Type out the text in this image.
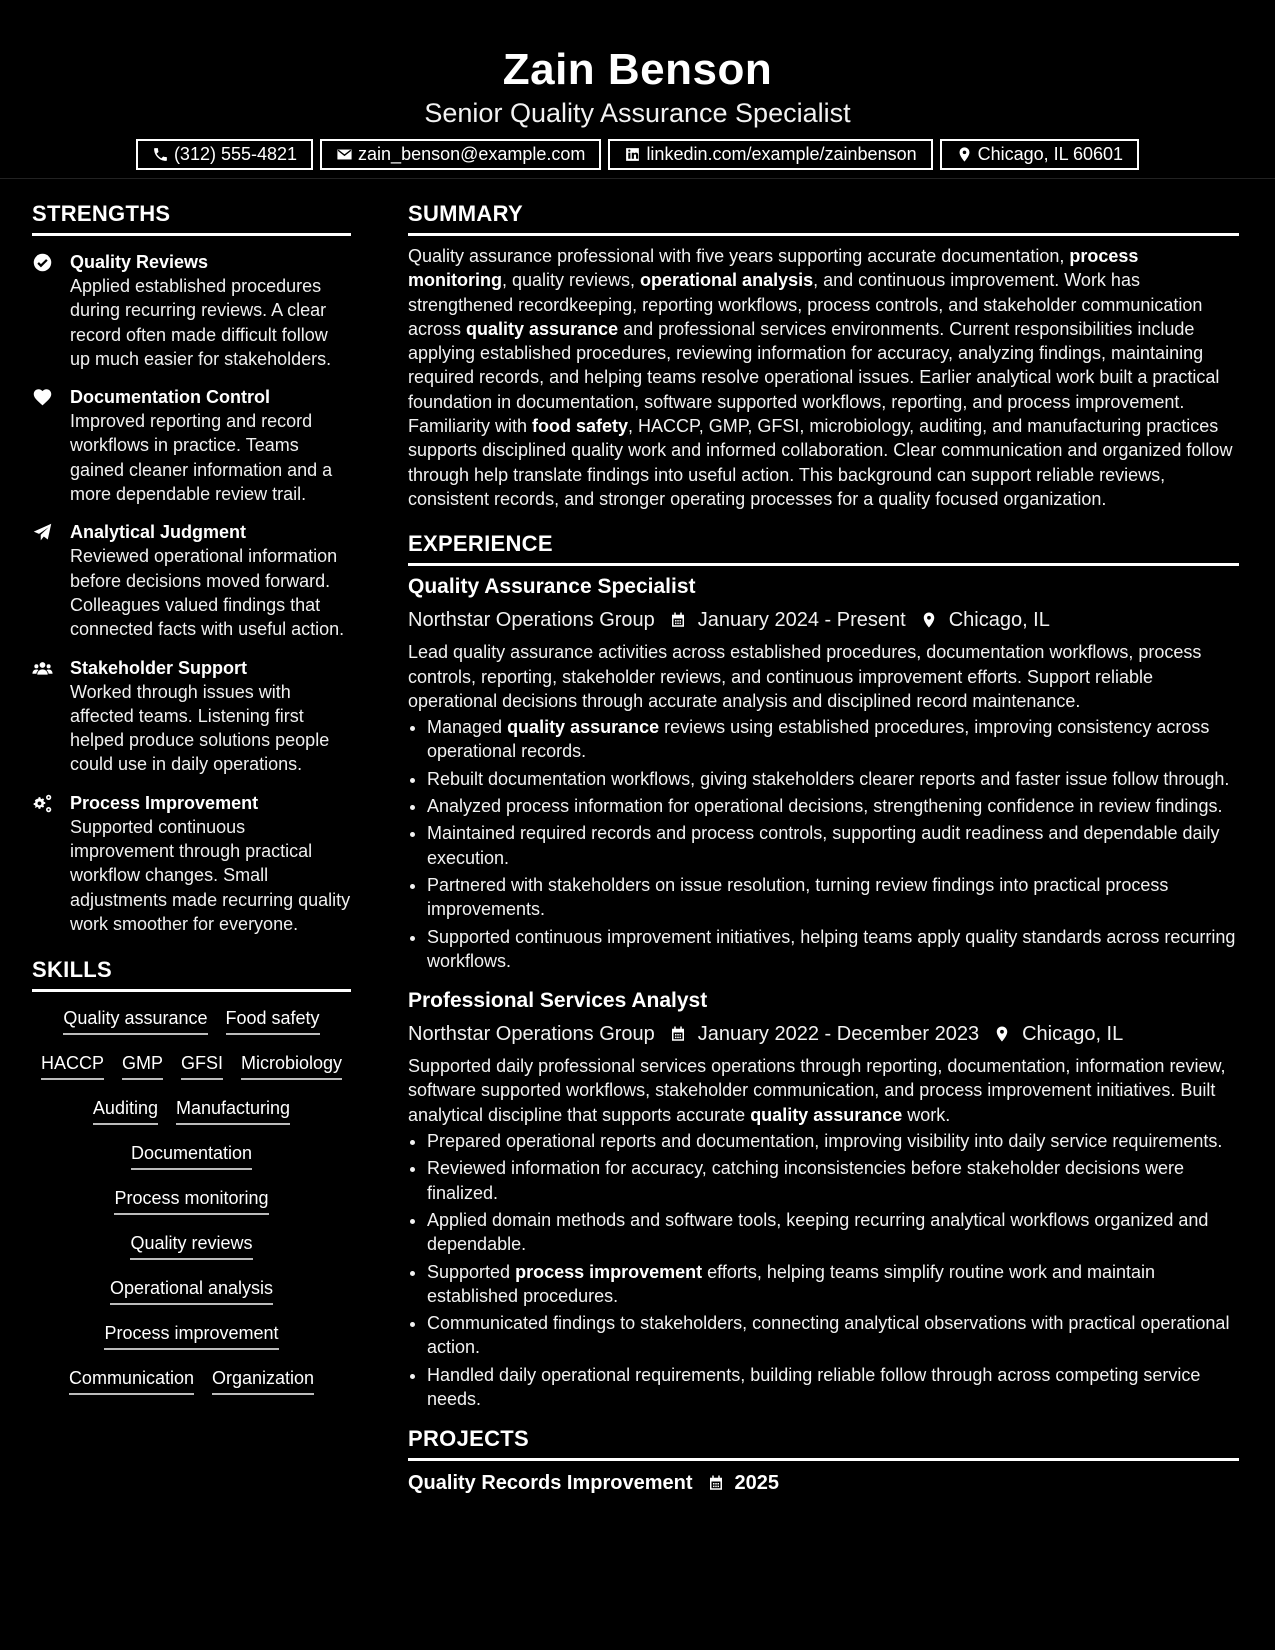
Zain Benson
Senior Quality Assurance Specialist
(312) 555-4821	zain_benson@example.com	linkedin.com/example/zainbenson	Chicago, IL 60601
STRENGTHS
Quality Reviews
Applied established procedures during recurring reviews. A clear record often made difficult follow up much easier for stakeholders.
Documentation Control
Improved reporting and record workflows in practice. Teams gained cleaner information and a more dependable review trail.
Analytical Judgment
Reviewed operational information before decisions moved forward. Colleagues valued findings that connected facts with useful action.
Stakeholder Support
Worked through issues with affected teams. Listening first helped produce solutions people could use in daily operations.
Process Improvement
Supported continuous improvement through practical workflow changes. Small adjustments made recurring quality work smoother for everyone.
SKILLS
Quality assurance Food safety
HACCP GMP GFSI Microbiology
Auditing Manufacturing
Documentation
Process monitoring
Quality reviews
Operational analysis
Process improvement
Communication Organization
SUMMARY
Quality assurance professional with five years supporting accurate documentation, process monitoring, quality reviews, operational analysis, and continuous improvement. Work has strengthened recordkeeping, reporting workflows, process controls, and stakeholder communication across quality assurance and professional services environments. Current responsibilities include applying established procedures, reviewing information for accuracy, analyzing findings, maintaining required records, and helping teams resolve operational issues. Earlier analytical work built a practical foundation in documentation, software supported workflows, reporting, and process improvement. Familiarity with food safety, HACCP, GMP, GFSI, microbiology, auditing, and manufacturing practices supports disciplined quality work and informed collaboration. Clear communication and organized follow through help translate findings into useful action. This background can support reliable reviews, consistent records, and stronger operating processes for a quality focused organization.
EXPERIENCE
Quality Assurance Specialist
Northstar Operations Group January 2024 - Present Chicago, IL
Lead quality assurance activities across established procedures, documentation workflows, process controls, reporting, stakeholder reviews, and continuous improvement efforts. Support reliable operational decisions through accurate analysis and disciplined record maintenance.
• Managed quality assurance reviews using established procedures, improving consistency across operational records.
• Rebuilt documentation workflows, giving stakeholders clearer reports and faster issue follow through.
• Analyzed process information for operational decisions, strengthening confidence in review findings.
• Maintained required records and process controls, supporting audit readiness and dependable daily execution.
• Partnered with stakeholders on issue resolution, turning review findings into practical process improvements.
• Supported continuous improvement initiatives, helping teams apply quality standards across recurring workflows.
Professional Services Analyst
Northstar Operations Group January 2022 - December 2023 Chicago, IL
Supported daily professional services operations through reporting, documentation, information review, software supported workflows, stakeholder communication, and process improvement initiatives. Built analytical discipline that supports accurate quality assurance work.
• Prepared operational reports and documentation, improving visibility into daily service requirements.
• Reviewed information for accuracy, catching inconsistencies before stakeholder decisions were finalized.
• Applied domain methods and software tools, keeping recurring analytical workflows organized and dependable.
• Supported process improvement efforts, helping teams simplify routine work and maintain established procedures.
• Communicated findings to stakeholders, connecting analytical observations with practical operational action.
• Handled daily operational requirements, building reliable follow through across competing service needs.
PROJECTS
Quality Records Improvement 2025
